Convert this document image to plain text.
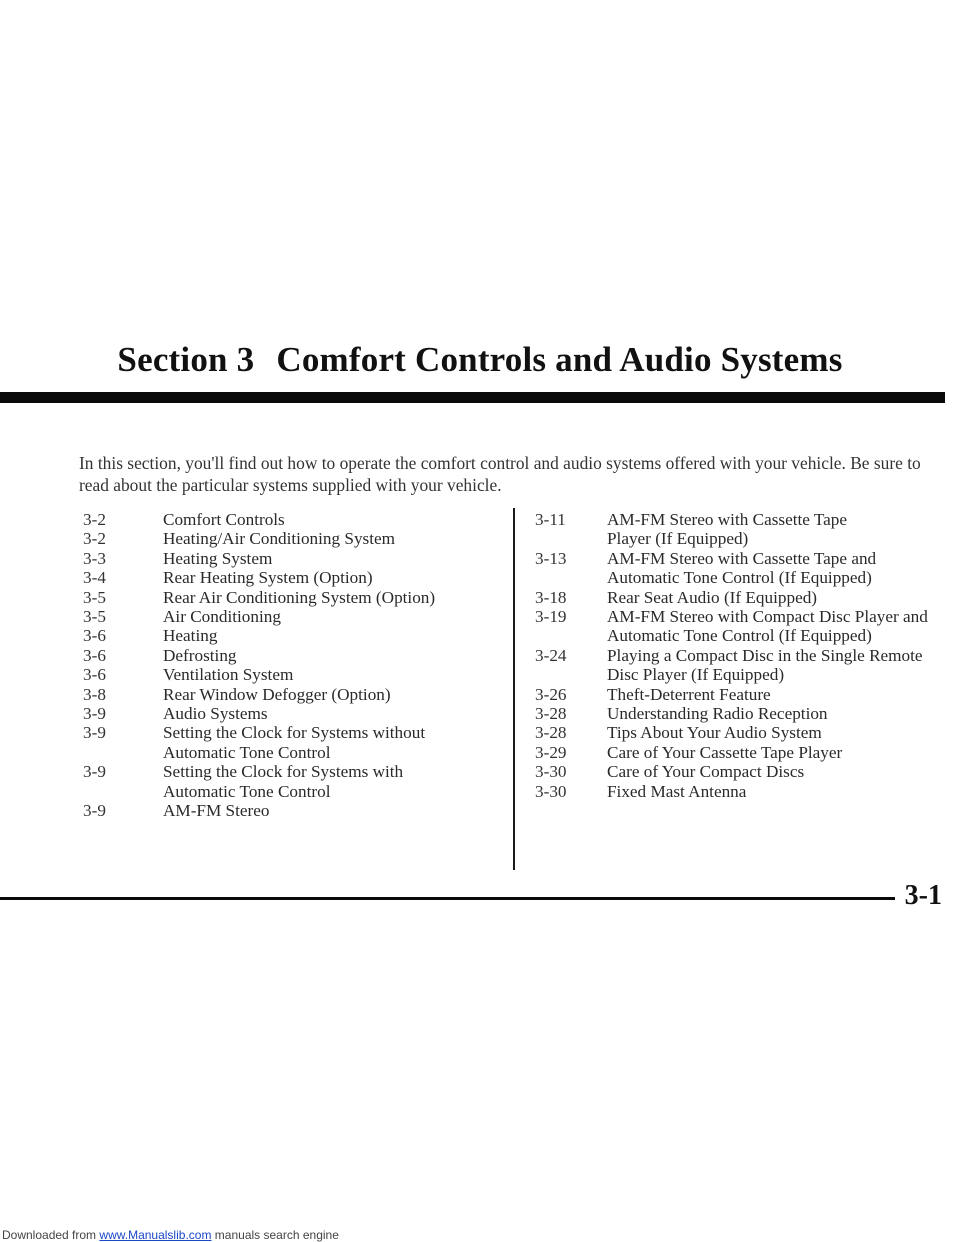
Section 3 Comfort Controls and Audio Systems
In this section, you'll find out how to operate the comfort control and audio systems offered with your vehicle. Be sure to read about the particular systems supplied with your vehicle.
3-2	Comfort Controls
3-2	Heating/Air Conditioning System
3-3	Heating System
3-4	Rear Heating System (Option)
3-5	Rear Air Conditioning System (Option)
3-5	Air Conditioning
3-6	Heating
3-6	Defrosting
3-6	Ventilation System
3-8	Rear Window Defogger (Option)
3-9	Audio Systems
3-9	Setting the Clock for Systems without
Automatic Tone Control
3-9	Setting the Clock for Systems with
Automatic Tone Control
3-9	AM-FM Stereo
3-11	AM-FM Stereo with Cassette Tape
Player (If Equipped)
3-13	AM-FM Stereo with Cassette Tape and
Automatic Tone Control (If Equipped)
3-18	Rear Seat Audio (If Equipped)
3-19	AM-FM Stereo with Compact Disc Player and
Automatic Tone Control (If Equipped)
3-24	Playing a Compact Disc in the Single Remote
Disc Player (If Equipped)
3-26	Theft-Deterrent Feature
3-28	Understanding Radio Reception
3-28	Tips About Your Audio System
3-29	Care of Your Cassette Tape Player
3-30	Care of Your Compact Discs
3-30	Fixed Mast Antenna
3-1
Downloaded from www.Manualslib.com manuals search engine
